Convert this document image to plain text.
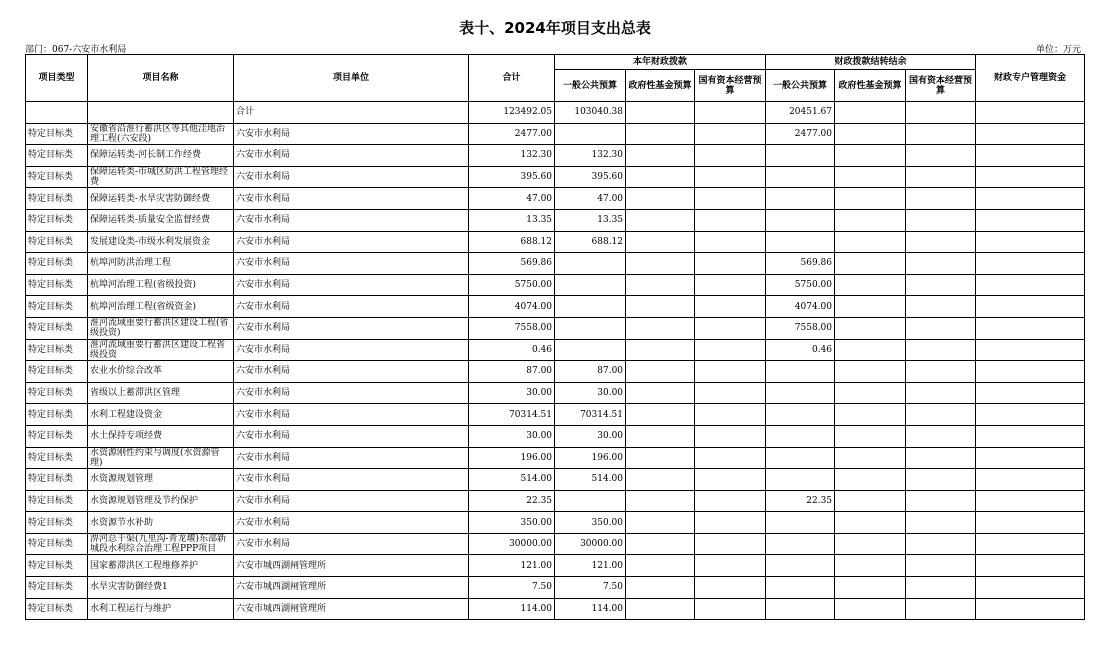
表十、2024年项目支出总表
部门：067-六安市水利局	单位：万元
项目类型	项目名称	项目单位	合计	本年财政拨款			财政拨款结转结余			财政专户管理资金	
				一般公共预算	政府性基金预算	国有资本经营预算	一般公共预算	政府性基金预算	国有资本经营预算		
		合计	123492.05	103040.38			20451.67				
特定目标类	安徽省沿淮行蓄洪区等其他洼地治理工程(六安段)	六安市水利局	2477.00				2477.00				
特定目标类	保障运转类-河长制工作经费	六安市水利局	132.30	132.30							
特定目标类	保障运转类-市城区防洪工程管理经费	六安市水利局	395.60	395.60							
特定目标类	保障运转类-水旱灾害防御经费	六安市水利局	47.00	47.00							
特定目标类	保障运转类-质量安全监督经费	六安市水利局	13.35	13.35							
特定目标类	发展建设类-市级水利发展资金	六安市水利局	688.12	688.12							
特定目标类	杭埠河防洪治理工程	六安市水利局	569.86				569.86				
特定目标类	杭埠河治理工程(省级投资)	六安市水利局	5750.00				5750.00				
特定目标类	杭埠河治理工程(省级资金)	六安市水利局	4074.00				4074.00				
特定目标类	淮河流域重要行蓄洪区建设工程(省级投资)	六安市水利局	7558.00				7558.00				
特定目标类	淮河流域重要行蓄洪区建设工程省级投资	六安市水利局	0.46				0.46				
特定目标类	农业水价综合改革	六安市水利局	87.00	87.00							
特定目标类	省级以上蓄滞洪区管理	六安市水利局	30.00	30.00							
特定目标类	水利工程建设资金	六安市水利局	70314.51	70314.51							
特定目标类	水土保持专项经费	六安市水利局	30.00	30.00							
特定目标类	水资源刚性约束与调度(水资源管理)	六安市水利局	196.00	196.00							
特定目标类	水资源规划管理	六安市水利局	514.00	514.00							
特定目标类	水资源规划管理及节约保护	六安市水利局	22.35				22.35				
特定目标类	水资源节水补助	六安市水利局	350.00	350.00							
特定目标类	淠河总干渠(九里沟-青龙堰)东部新城段水利综合治理工程PPP项目	六安市水利局	30000.00	30000.00							
特定目标类	国家蓄滞洪区工程维修养护	六安市城西湖闸管理所	121.00	121.00							
特定目标类	水旱灾害防御经费1	六安市城西湖闸管理所	7.50	7.50							
特定目标类	水利工程运行与维护	六安市城西湖闸管理所	114.00	114.00							
